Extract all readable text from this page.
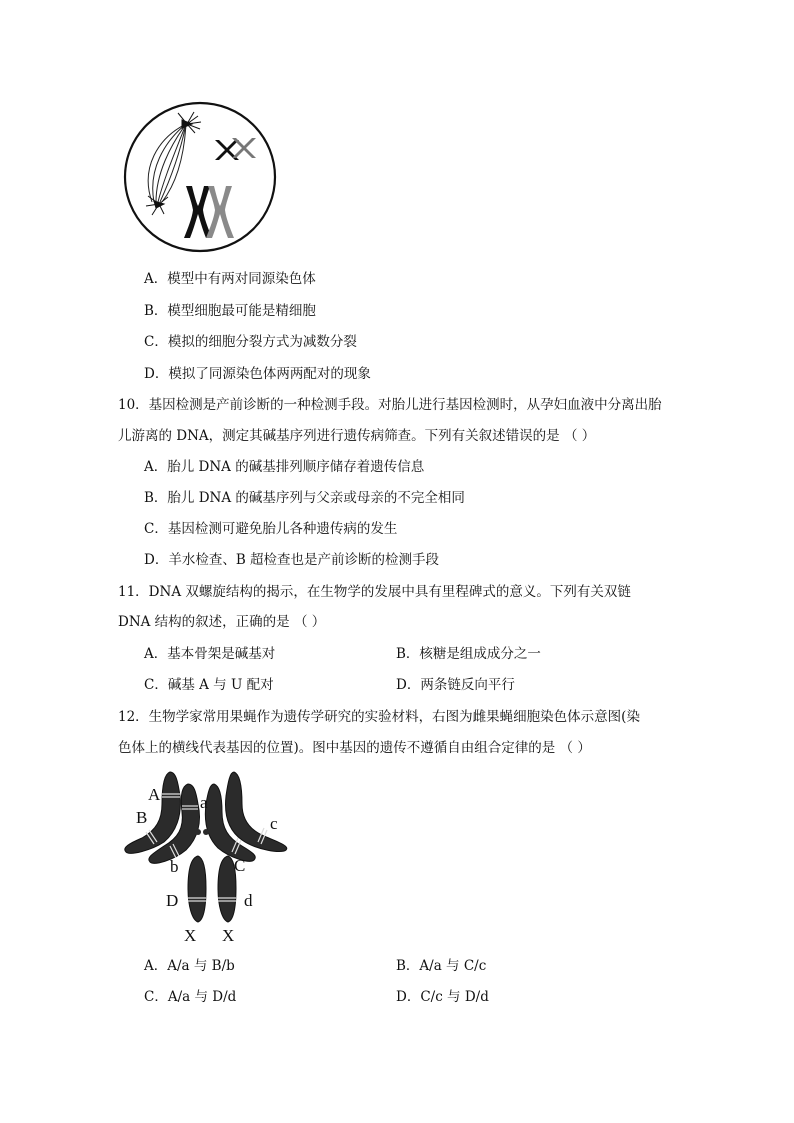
A．模型中有两对同源染色体
B．模型细胞最可能是精细胞
C．模拟的细胞分裂方式为减数分裂
D．模拟了同源染色体两两配对的现象
10．基因检测是产前诊断的一种检测手段。对胎儿进行基因检测时，从孕妇血液中分离出胎
儿游离的 DNA，测定其碱基序列进行遗传病筛查。下列有关叙述错误的是 （ ）
A．胎儿 DNA 的碱基排列顺序储存着遗传信息
B．胎儿 DNA 的碱基序列与父亲或母亲的不完全相同
C．基因检测可避免胎儿各种遗传病的发生
D．羊水检查、B 超检查也是产前诊断的检测手段
11．DNA 双螺旋结构的揭示，在生物学的发展中具有里程碑式的意义。下列有关双链
DNA 结构的叙述，正确的是 （ ）
A．基本骨架是碱基对	B．核糖是组成成分之一
C．碱基 A 与 U 配对	D．两条链反向平行
12．生物学家常用果蝇作为遗传学研究的实验材料，右图为雌果蝇细胞染色体示意图(染
色体上的横线代表基因的位置)。图中基因的遗传不遵循自由组合定律的是 （ ）
A a
B
b	C
c
D	d
X X
A．A/a 与 B/b	B．A/a 与 C/c
C．A/a 与 D/d	D．C/c 与 D/d
